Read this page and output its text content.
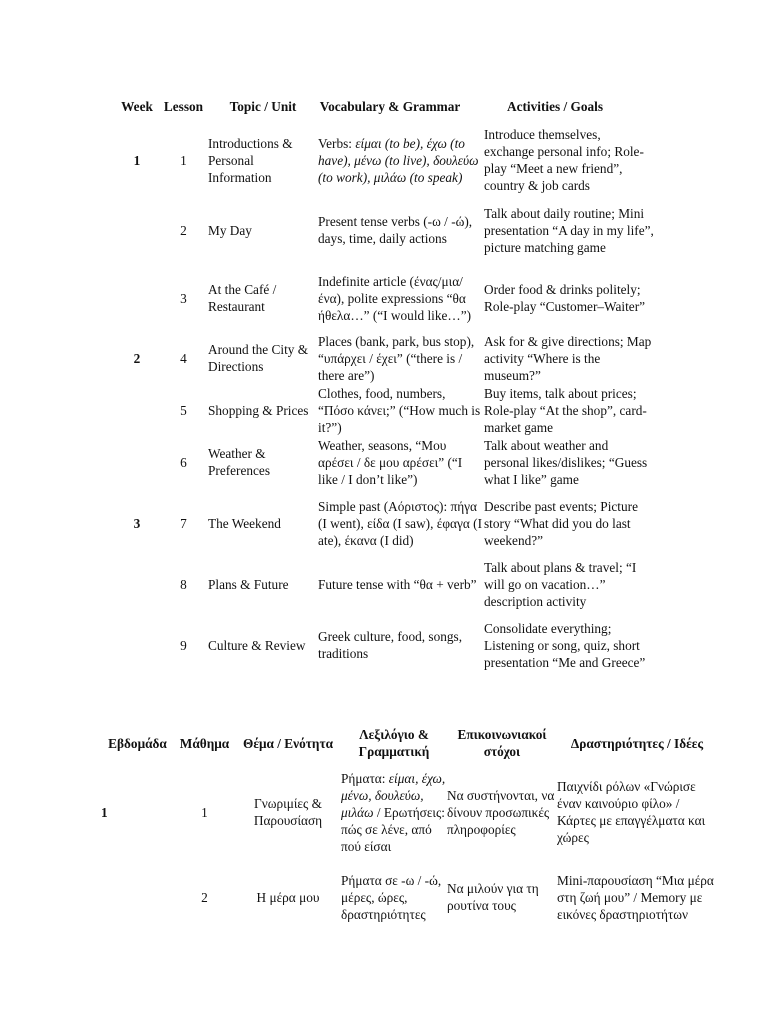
Week	Lesson	Topic / Unit	Vocabulary & Grammar	Activities / Goals
1	1	Introductions & Personal Information	Verbs: είμαι (to be), έχω (to have), μένω (to live), δουλεύω (to work), μιλάω (to speak)	Introduce themselves, exchange personal info; Role-play “Meet a new friend”, country & job cards
	2	My Day	Present tense verbs (-ω / -ώ), days, time, daily actions	Talk about daily routine; Mini presentation “A day in my life”, picture matching game
	3	At the Café / Restaurant	Indefinite article (ένας/μια/ένα), polite expressions “θα ήθελα…” (“I would like…”)	Order food & drinks politely; Role-play “Customer–Waiter”
2	4	Around the City & Directions	Places (bank, park, bus stop), “υπάρχει / έχει” (“there is / there are”)	Ask for & give directions; Map activity “Where is the museum?”
	5	Shopping & Prices	Clothes, food, numbers, “Πόσο κάνει;” (“How much is it?”)	Buy items, talk about prices; Role-play “At the shop”, card-market game
	6	Weather & Preferences	Weather, seasons, “Μου αρέσει / δε μου αρέσει” (“I like / I don’t like”)	Talk about weather and personal likes/dislikes; “Guess what I like” game
3	7	The Weekend	Simple past (Αόριστος): πήγα (I went), είδα (I saw), έφαγα (I ate), έκανα (I did)	Describe past events; Picture story “What did you do last weekend?”
	8	Plans & Future	Future tense with “θα + verb”	Talk about plans & travel; “I will go on vacation…” description activity
	9	Culture & Review	Greek culture, food, songs, traditions	Consolidate everything; Listening or song, quiz, short presentation “Me and Greece”
Εβδομάδα	Μάθημα	Θέμα / Ενότητα	Λεξιλόγιο & Γραμματική	Επικοινωνιακοί στόχοι	Δραστηριότητες / Ιδέες
1	1	Γνωριμίες & Παρουσίαση	Ρήματα: είμαι, έχω, μένω, δουλεύω, μιλάω / Ερωτήσεις: πώς σε λένε, από πού είσαι	Να συστήνονται, να δίνουν προσωπικές πληροφορίες	Παιχνίδι ρόλων «Γνώρισε έναν καινούριο φίλο» / Κάρτες με επαγγέλματα και χώρες
	2	Η μέρα μου	Ρήματα σε -ω / -ώ, μέρες, ώρες, δραστηριότητες	Να μιλούν για τη ρουτίνα τους	Mini-παρουσίαση “Μια μέρα στη ζωή μου” / Memory με εικόνες δραστηριοτήτων
